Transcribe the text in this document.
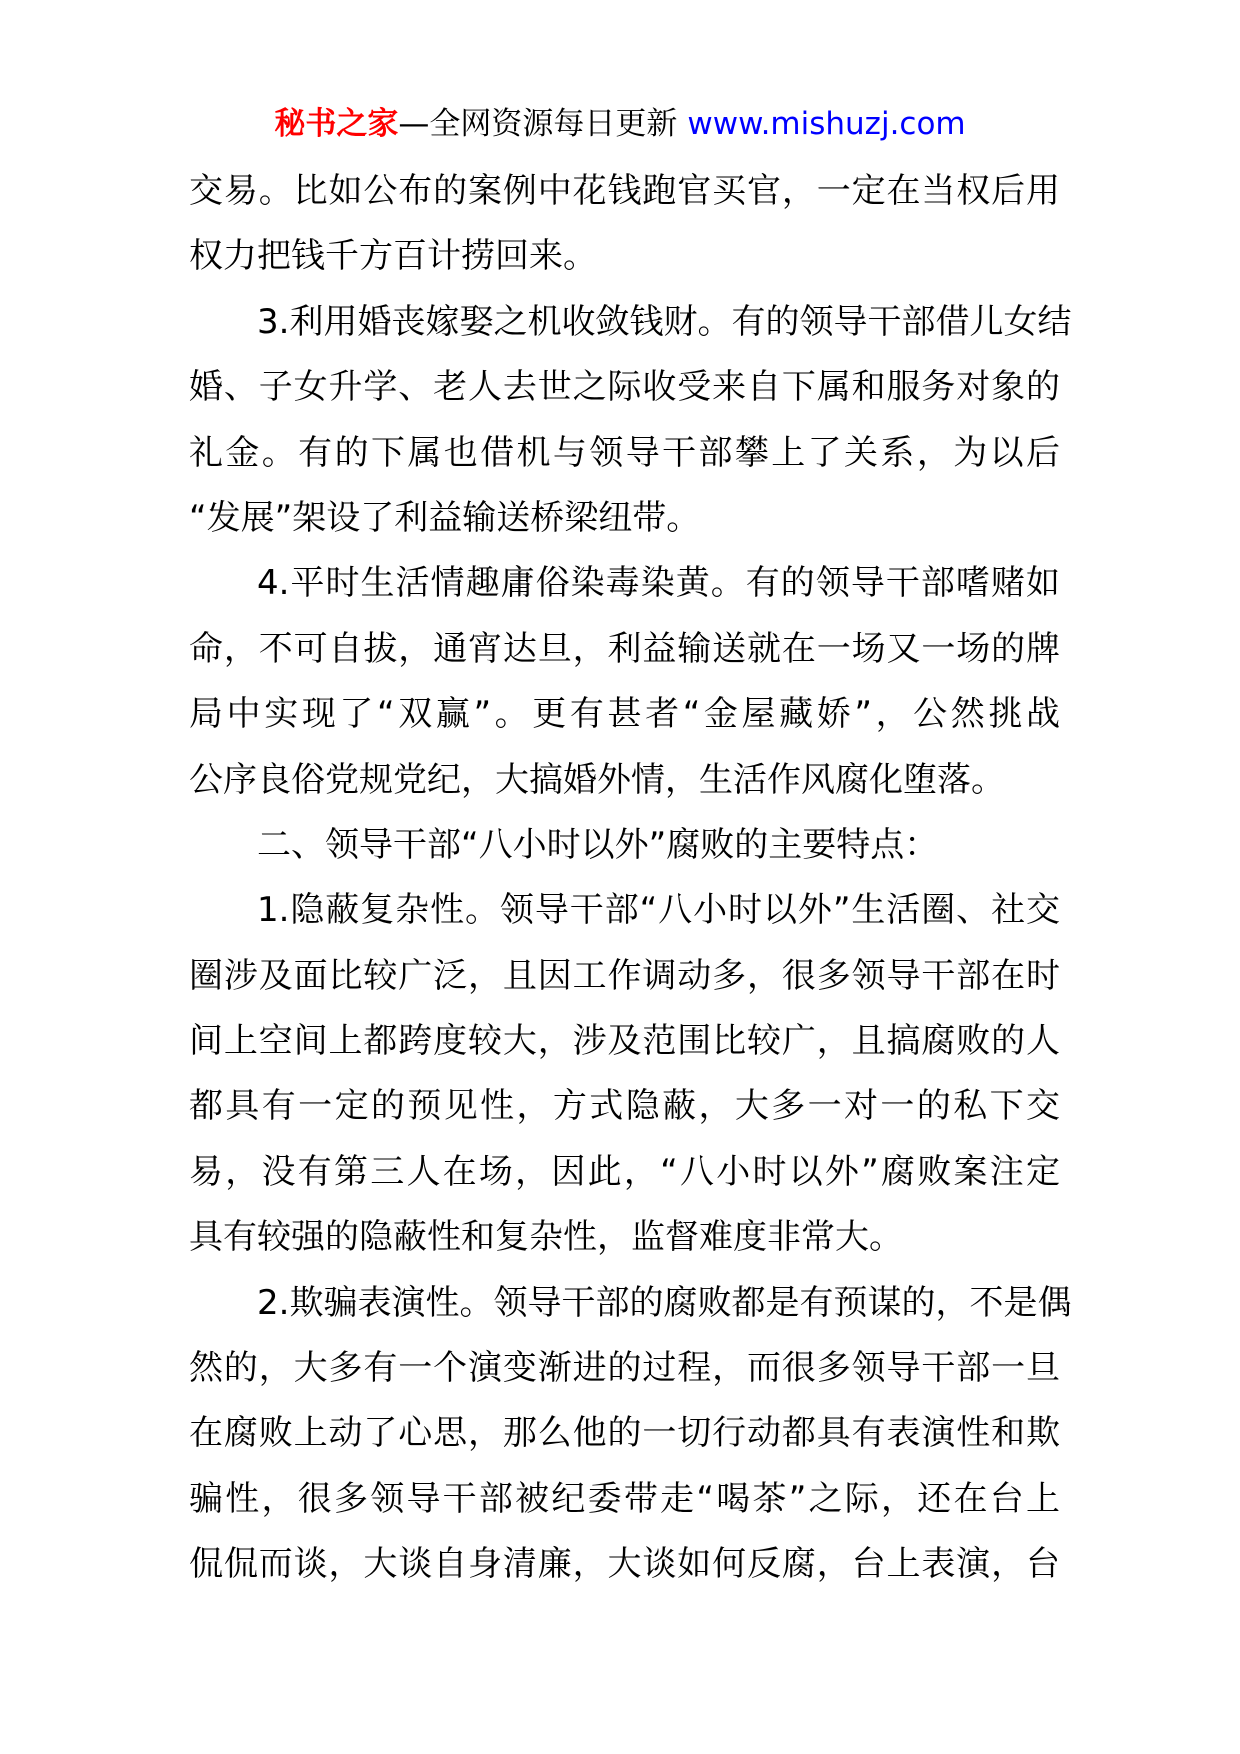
秘书之家—全网资源每日更新 www.mishuzj.com
交易。比如公布的案例中花钱跑官买官，一定在当权后用
权力把钱千方百计捞回来。
3.利用婚丧嫁娶之机收敛钱财。有的领导干部借儿女结
婚、子女升学、老人去世之际收受来自下属和服务对象的
礼金。有的下属也借机与领导干部攀上了关系，为以后
“发展”架设了利益输送桥梁纽带。
4.平时生活情趣庸俗染毒染黄。有的领导干部嗜赌如
命，不可自拔，通宵达旦，利益输送就在一场又一场的牌
局中实现了“双赢”。更有甚者“金屋藏娇”，公然挑战
公序良俗党规党纪，大搞婚外情，生活作风腐化堕落。
二、领导干部“八小时以外”腐败的主要特点：
1.隐蔽复杂性。领导干部“八小时以外”生活圈、社交
圈涉及面比较广泛，且因工作调动多，很多领导干部在时
间上空间上都跨度较大，涉及范围比较广，且搞腐败的人
都具有一定的预见性，方式隐蔽，大多一对一的私下交
易，没有第三人在场，因此，“八小时以外”腐败案注定
具有较强的隐蔽性和复杂性，监督难度非常大。
2.欺骗表演性。领导干部的腐败都是有预谋的，不是偶
然的，大多有一个演变渐进的过程，而很多领导干部一旦
在腐败上动了心思，那么他的一切行动都具有表演性和欺
骗性，很多领导干部被纪委带走“喝茶”之际，还在台上
侃侃而谈，大谈自身清廉，大谈如何反腐，台上表演，台
